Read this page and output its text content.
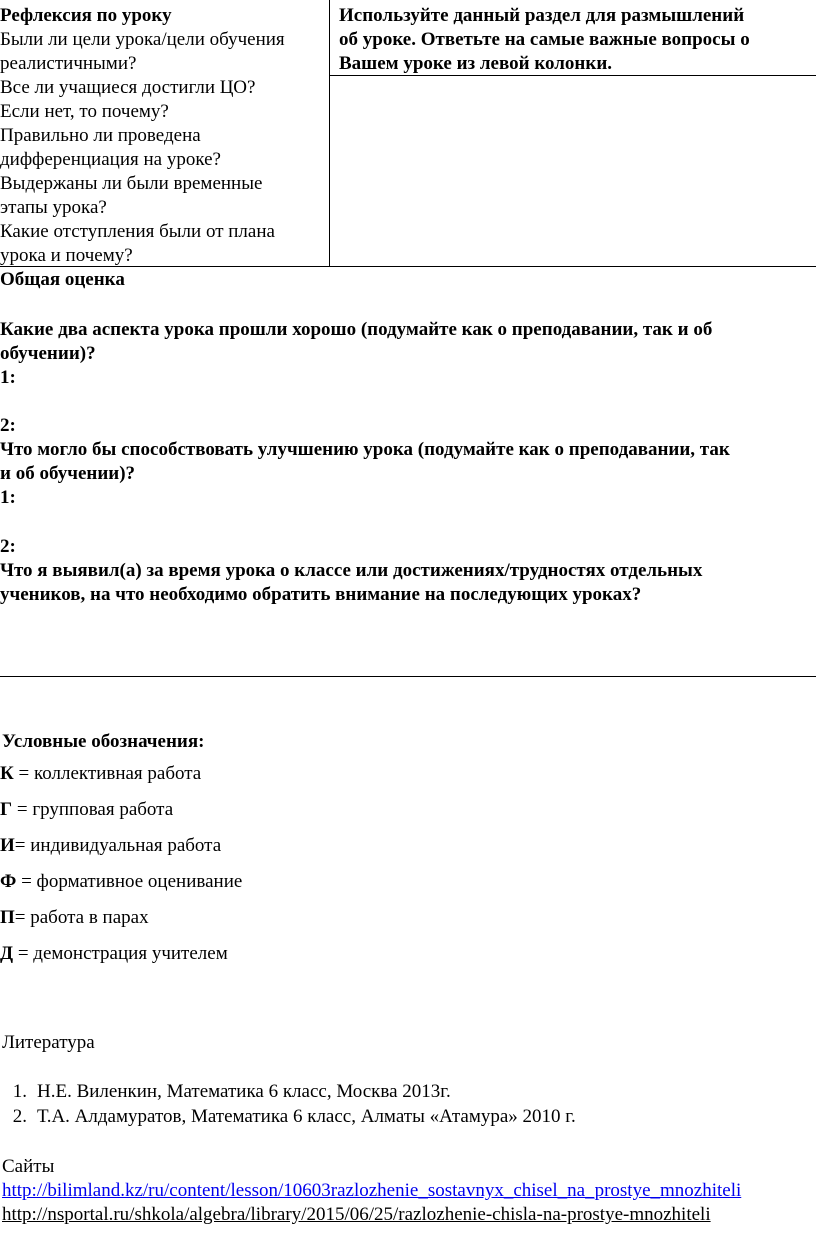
Рефлексия по уроку
Были ли цели урока/цели обучения
реалистичными?
Все ли учащиеся достигли ЦО?
Если нет, то почему?
Правильно ли проведена
дифференциация на уроке?
Выдержаны ли были временные
этапы урока?
Какие отступления были от плана
урока и почему?
Используйте данный раздел для размышлений
об уроке. Ответьте на самые важные вопросы о
Вашем уроке из левой колонки.
Общая оценка
Какие два аспекта урока прошли хорошо (подумайте как о преподавании, так и об
обучении)?
1:
2:
Что могло бы способствовать улучшению урока (подумайте как о преподавании, так
и об обучении)?
1:
2:
Что я выявил(а) за время урока о классе или достижениях/трудностях отдельных
учеников, на что необходимо обратить внимание на последующих уроках?
Условные обозначения:
К = коллективная работа
Г = групповая работа
И= индивидуальная работа
Ф = формативное оценивание
П= работа в парах
Д = демонстрация учителем
Литература
1. Н.Е. Виленкин, Математика 6 класс, Москва 2013г.
2. Т.А. Алдамуратов, Математика 6 класс, Алматы «Атамура» 2010 г.
Сайты
http://bilimland.kz/ru/content/lesson/10603razlozhenie_sostavnyx_chisel_na_prostye_mnozhiteli
http://nsportal.ru/shkola/algebra/library/2015/06/25/razlozhenie-chisla-na-prostye-mnozhiteli
